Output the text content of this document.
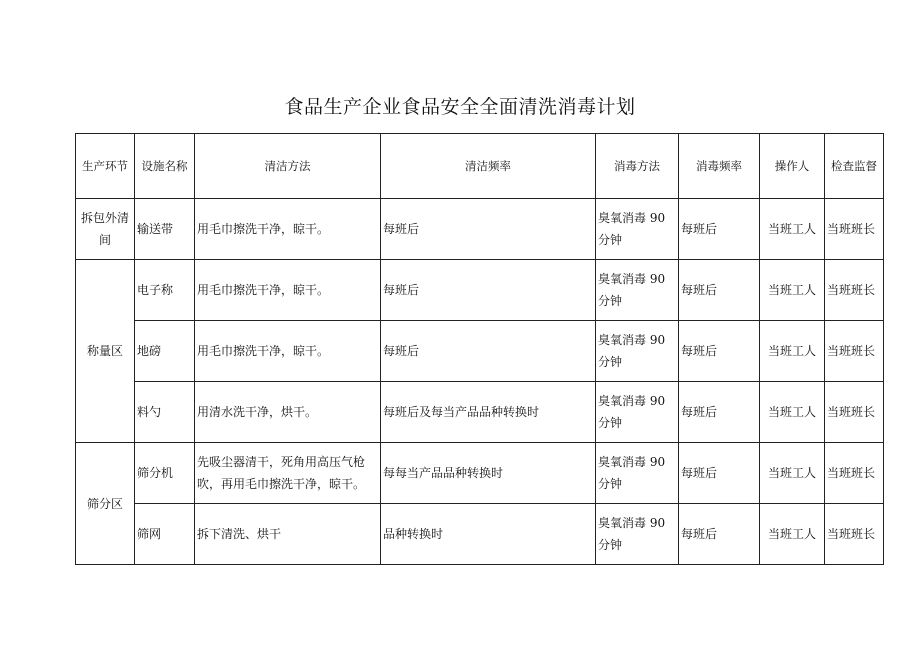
食品生产企业食品安全全面清洗消毒计划
生产环节	设施名称	清洁方法	清洁频率	消毒方法	消毒频率	操作人	检查监督
拆包外清间	输送带	用毛巾擦洗干净，晾干。	每班后	臭氧消毒 90 分钟	每班后	当班工人	当班班长
称量区	电子称	用毛巾擦洗干净，晾干。	每班后	臭氧消毒 90 分钟	每班后	当班工人	当班班长
	地磅	用毛巾擦洗干净，晾干。	每班后	臭氧消毒 90 分钟	每班后	当班工人	当班班长
	料勺	用清水洗干净，烘干。	每班后及每当产品品种转换时	臭氧消毒 90 分钟	每班后	当班工人	当班班长
筛分区	筛分机	先吸尘器清干，死角用高压气枪吹，再用毛巾擦洗干净，晾干。	每每当产品品种转换时	臭氧消毒 90 分钟	每班后	当班工人	当班班长
	筛网	拆下清洗、烘干	品种转换时	臭氧消毒 90 分钟	每班后	当班工人	当班班长
